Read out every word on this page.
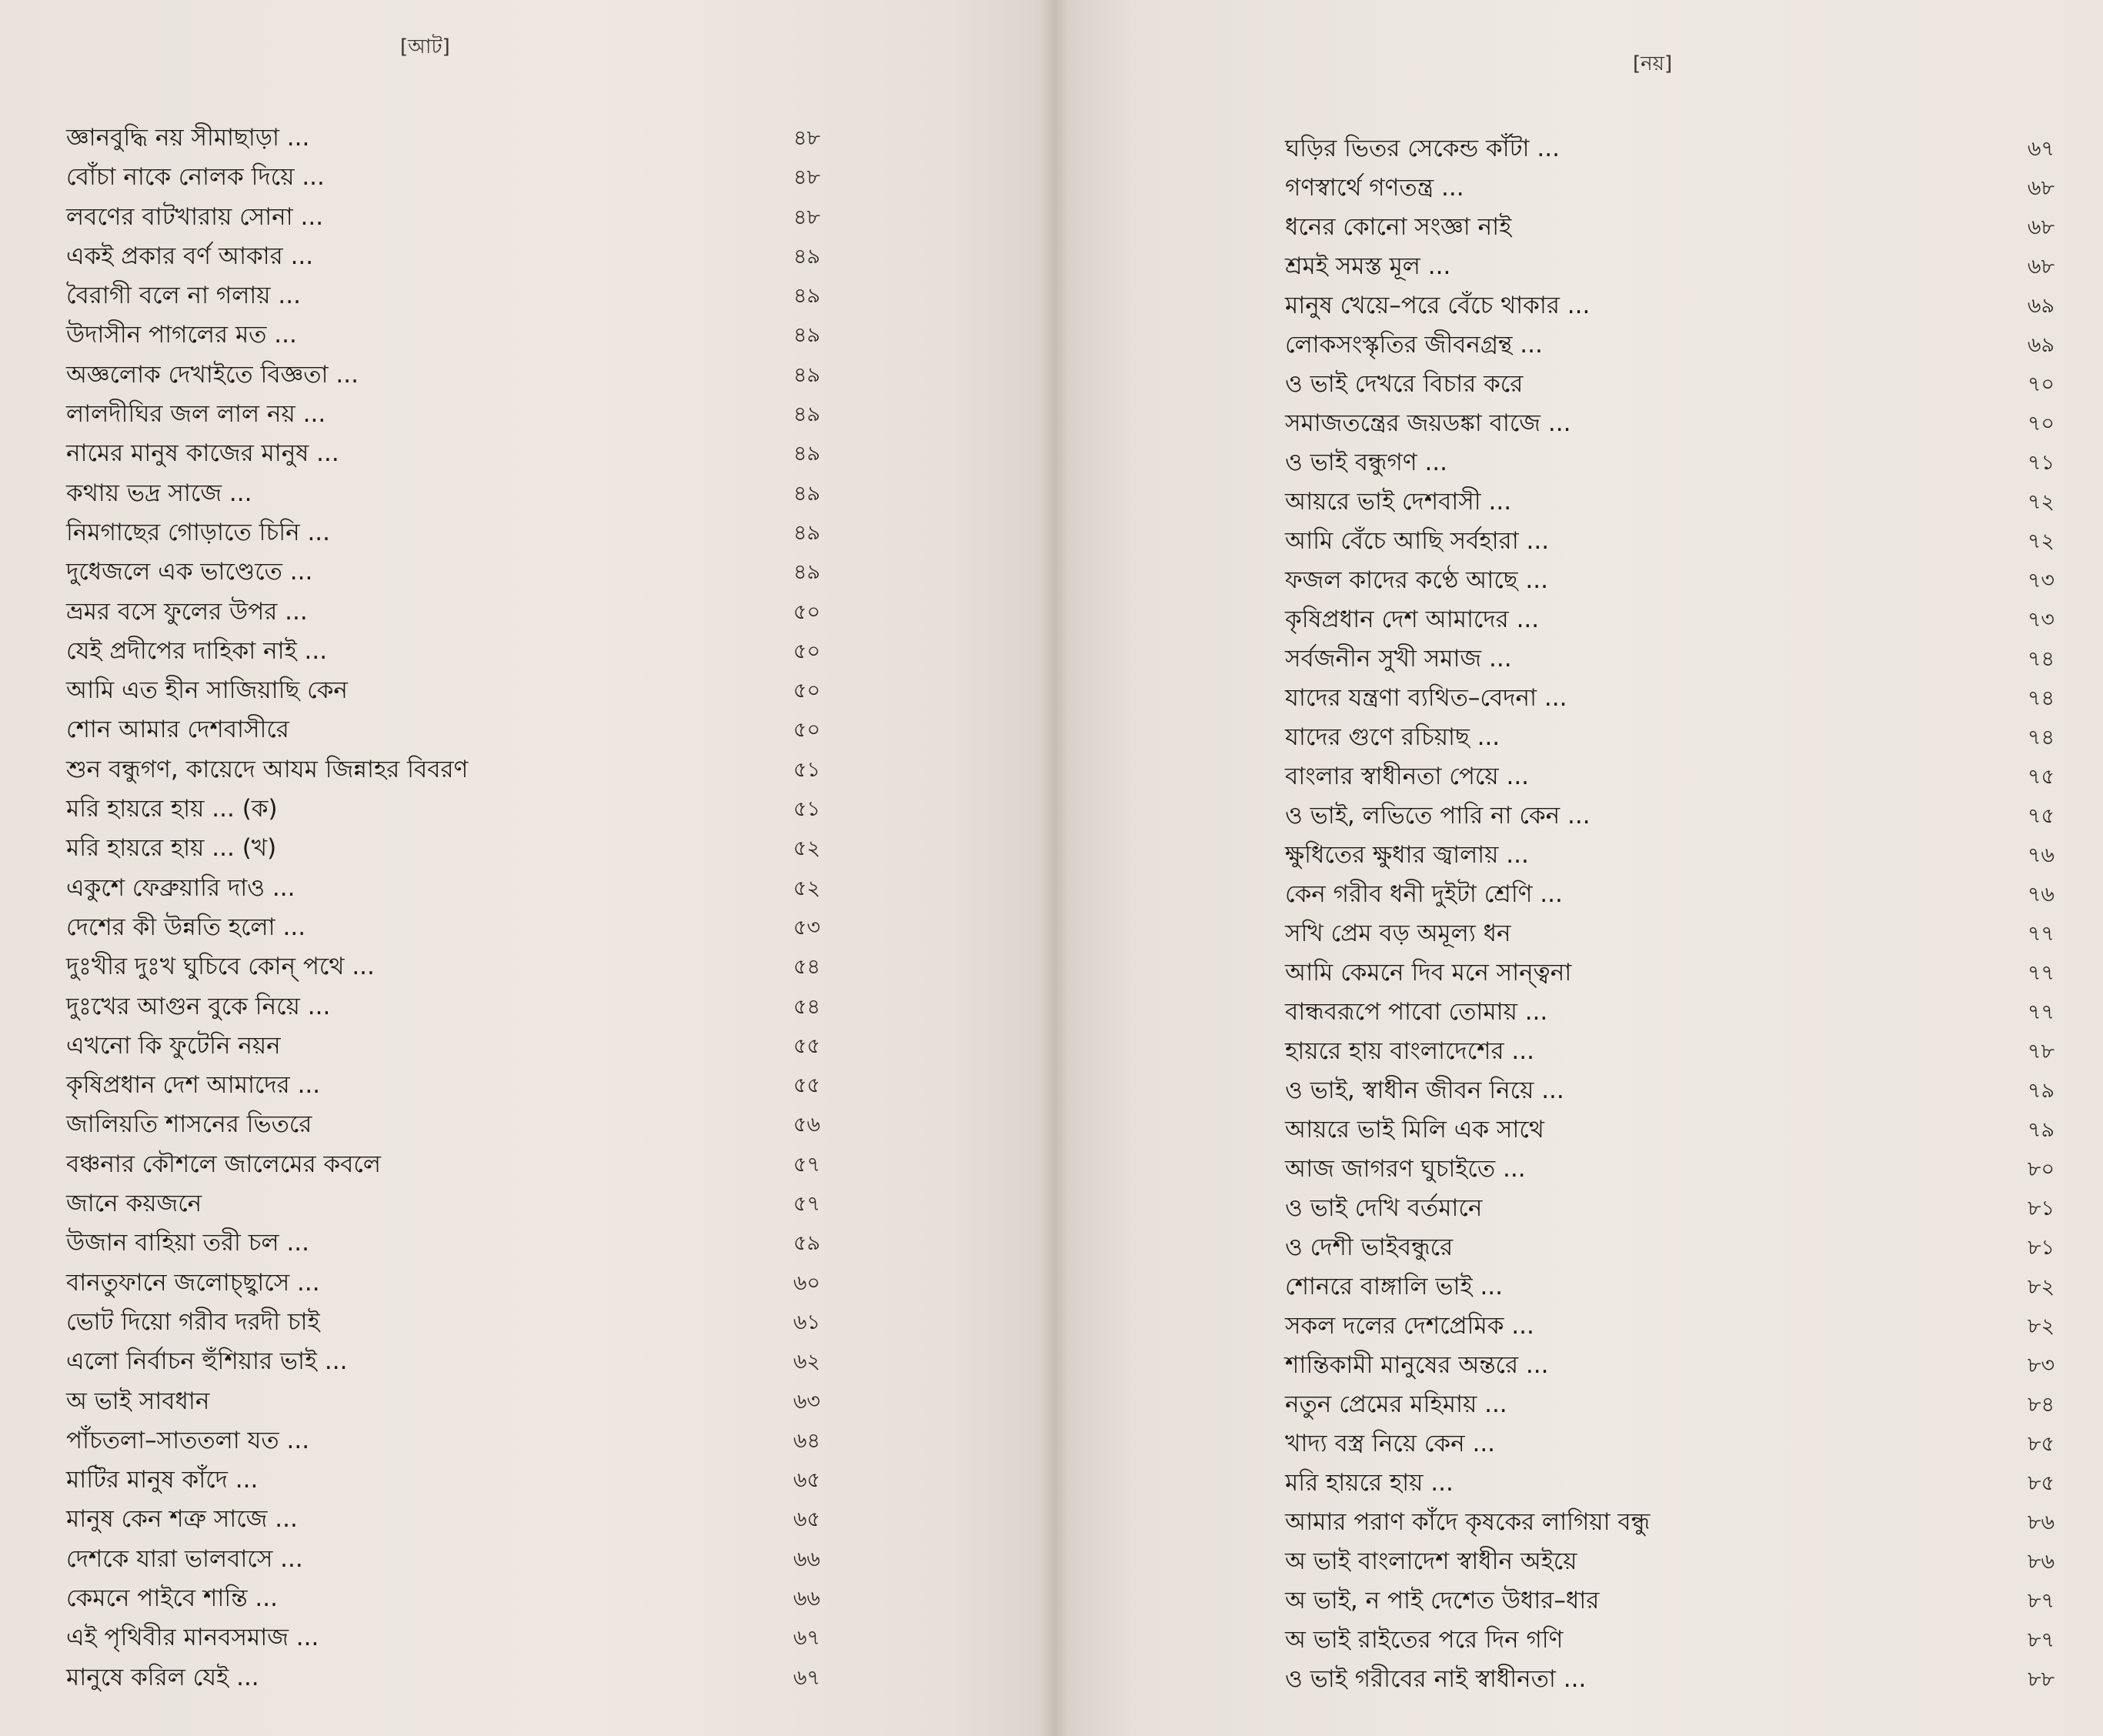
[আট]
জ্ঞানবুদ্ধি নয় সীমাছাড়া ...	৪৮
বোঁচা নাকে নোলক দিয়ে ...	৪৮
লবণের বাটখারায় সোনা ...	৪৮
একই প্রকার বর্ণ আকার ...	৪৯
বৈরাগী বলে না গলায় ...	৪৯
উদাসীন পাগলের মত ...	৪৯
অজ্ঞলোক দেখাইতে বিজ্ঞতা ...	৪৯
লালদীঘির জল লাল নয় ...	৪৯
নামের মানুষ কাজের মানুষ ...	৪৯
কথায় ভদ্র সাজে ...	৪৯
নিমগাছের গোড়াতে চিনি ...	৪৯
দুধেজলে এক ভাণ্ডেতে ...	৪৯
ভ্রমর বসে ফুলের উপর ...	৫০
যেই প্রদীপের দাহিকা নাই ...	৫০
আমি এত হীন সাজিয়াছি কেন	৫০
শোন আমার দেশবাসীরে	৫০
শুন বন্ধুগণ, কায়েদে আযম জিন্নাহর বিবরণ	৫১
মরি হায়রে হায় ... (ক)	৫১
মরি হায়রে হায় ... (খ)	৫২
একুশে ফেব্রুয়ারি দাও ...	৫২
দেশের কী উন্নতি হলো ...	৫৩
দুঃখীর দুঃখ ঘুচিবে কোন্ পথে ...	৫৪
দুঃখের আগুন বুকে নিয়ে ...	৫৪
এখনো কি ফুটেনি নয়ন	৫৫
কৃষিপ্রধান দেশ আমাদের ...	৫৫
জালিয়তি শাসনের ভিতরে	৫৬
বঞ্চনার কৌশলে জালেমের কবলে	৫৭
জানে কয়জনে	৫৭
উজান বাহিয়া তরী চল ...	৫৯
বানতুফানে জলোচ্ছ্বাসে ...	৬০
ভোট দিয়ো গরীব দরদী চাই	৬১
এলো নির্বাচন হুঁশিয়ার ভাই ...	৬২
অ ভাই সাবধান	৬৩
পাঁচতলা–সাততলা যত ...	৬৪
মাটির মানুষ কাঁদে ...	৬৫
মানুষ কেন শত্রু সাজে ...	৬৫
দেশকে যারা ভালবাসে ...	৬৬
কেমনে পাইবে শান্তি ...	৬৬
এই পৃথিবীর মানবসমাজ ...	৬৭
মানুষে করিল যেই ...	৬৭
[নয়]
ঘড়ির ভিতর সেকেন্ড কাঁটা ...	৬৭
গণস্বার্থে গণতন্ত্র ...	৬৮
ধনের কোনো সংজ্ঞা নাই	৬৮
শ্রমই সমস্ত মূল ...	৬৮
মানুষ খেয়ে–পরে বেঁচে থাকার ...	৬৯
লোকসংস্কৃতির জীবনগ্রন্থ ...	৬৯
ও ভাই দেখরে বিচার করে	৭০
সমাজতন্ত্রের জয়ডঙ্কা বাজে ...	৭০
ও ভাই বন্ধুগণ ...	৭১
আয়রে ভাই দেশবাসী ...	৭২
আমি বেঁচে আছি সর্বহারা ...	৭২
ফজল কাদের কণ্ঠে আছে ...	৭৩
কৃষিপ্রধান দেশ আমাদের ...	৭৩
সর্বজনীন সুখী সমাজ ...	৭৪
যাদের যন্ত্রণা ব্যথিত–বেদনা ...	৭৪
যাদের গুণে রচিয়াছ ...	৭৪
বাংলার স্বাধীনতা পেয়ে ...	৭৫
ও ভাই, লভিতে পারি না কেন ...	৭৫
ক্ষুধিতের ক্ষুধার জ্বালায় ...	৭৬
কেন গরীব ধনী দুইটা শ্রেণি ...	৭৬
সখি প্রেম বড় অমূল্য ধন	৭৭
আমি কেমনে দিব মনে সান্ত্বনা	৭৭
বান্ধবরূপে পাবো তোমায় ...	৭৭
হায়রে হায় বাংলাদেশের ...	৭৮
ও ভাই, স্বাধীন জীবন নিয়ে ...	৭৯
আয়রে ভাই মিলি এক সাথে	৭৯
আজ জাগরণ ঘুচাইতে ...	৮০
ও ভাই দেখি বর্তমানে	৮১
ও দেশী ভাইবন্ধুরে	৮১
শোনরে বাঙ্গালি ভাই ...	৮২
সকল দলের দেশপ্রেমিক ...	৮২
শান্তিকামী মানুষের অন্তরে ...	৮৩
নতুন প্রেমের মহিমায় ...	৮৪
খাদ্য বস্ত্র নিয়ে কেন ...	৮৫
মরি হায়রে হায় ...	৮৫
আমার পরাণ কাঁদে কৃষকের লাগিয়া বন্ধু	৮৬
অ ভাই বাংলাদেশ স্বাধীন অইয়ে	৮৬
অ ভাই, ন পাই দেশেত উধার–ধার	৮৭
অ ভাই রাইতের পরে দিন গণি	৮৭
ও ভাই গরীবের নাই স্বাধীনতা ...	৮৮
